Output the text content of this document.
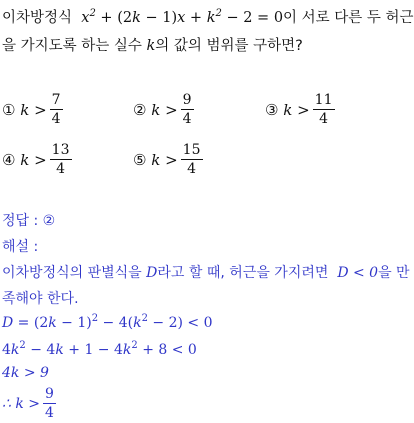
이차방정식  $x^2 + (2k - 1)x + k^2 - 2 = 0$이 서로 다른 두 허근
을 가지도록 하는 실수 k의 값의 범위를 구하면?
①
$k > \frac{7}{4}$	②
$k > \frac{9}{4}$	③
$k > \frac{11}{4}$
④
$k > \frac{13}{4}$	⑤
$k > \frac{15}{4}$
정답 : ②
해설 :
이차방정식의 판별식을 D라고 할 때, 허근을 가지려면 D < 0을 만
족해야 한다.
$D = (2k - 1)^2 - 4(k^2 - 2) < 0$
$4k^2 - 4k + 1 - 4k^2 + 8 < 0$
4k > 9
∴ $k > \frac{9}{4}$
